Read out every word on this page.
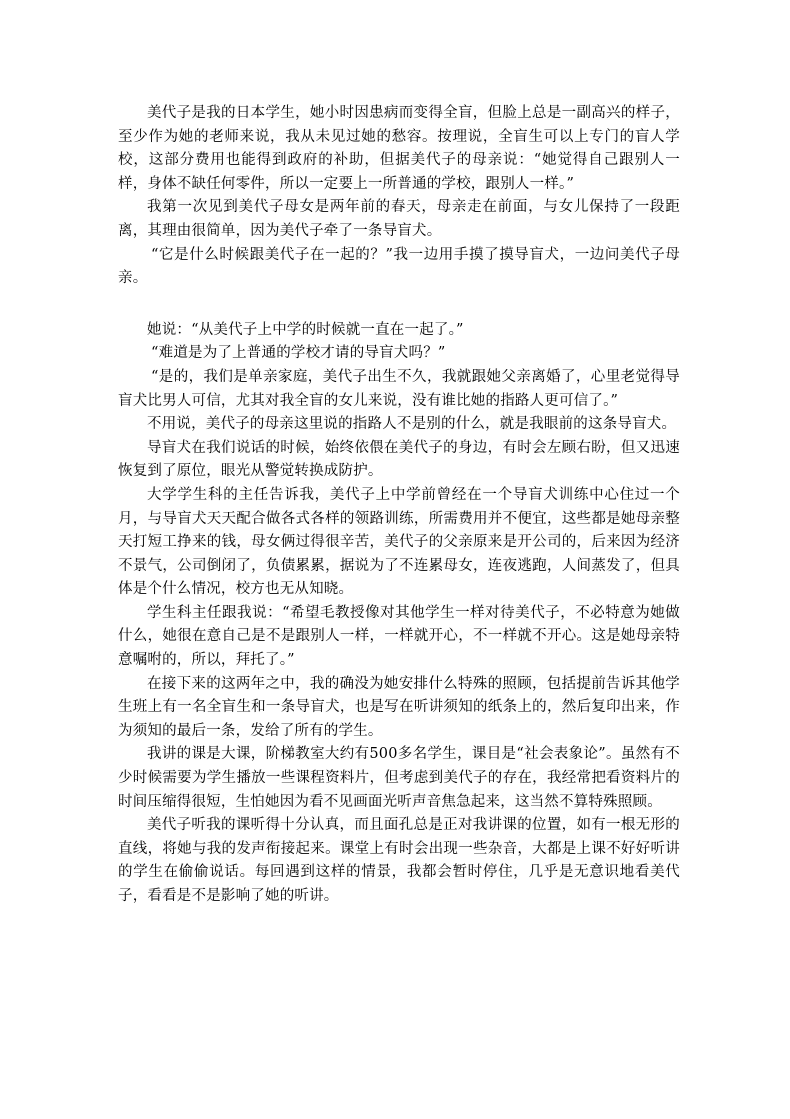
美代子是我的日本学生，她小时因患病而变得全盲，但脸上总是一副高兴的样子，至少作为她的老师来说，我从未见过她的愁容。按理说，全盲生可以上专门的盲人学校，这部分费用也能得到政府的补助，但据美代子的母亲说：“她觉得自己跟别人一样，身体不缺任何零件，所以一定要上一所普通的学校，跟别人一样。”

我第一次见到美代子母女是两年前的春天，母亲走在前面，与女儿保持了一段距离，其理由很简单，因为美代子牵了一条导盲犬。

“它是什么时候跟美代子在一起的？”我一边用手摸了摸导盲犬，一边问美代子母亲。

她说：“从美代子上中学的时候就一直在一起了。”

“难道是为了上普通的学校才请的导盲犬吗？”

“是的，我们是单亲家庭，美代子出生不久，我就跟她父亲离婚了，心里老觉得导盲犬比男人可信，尤其对我全盲的女儿来说，没有谁比她的指路人更可信了。”

不用说，美代子的母亲这里说的指路人不是别的什么，就是我眼前的这条导盲犬。

导盲犬在我们说话的时候，始终依偎在美代子的身边，有时会左顾右盼，但又迅速恢复到了原位，眼光从警觉转换成防护。

大学学生科的主任告诉我，美代子上中学前曾经在一个导盲犬训练中心住过一个月，与导盲犬天天配合做各式各样的领路训练，所需费用并不便宜，这些都是她母亲整天打短工挣来的钱，母女俩过得很辛苦，美代子的父亲原来是开公司的，后来因为经济不景气，公司倒闭了，负债累累，据说为了不连累母女，连夜逃跑，人间蒸发了，但具体是个什么情况，校方也无从知晓。

学生科主任跟我说：“希望毛教授像对其他学生一样对待美代子，不必特意为她做什么，她很在意自己是不是跟别人一样，一样就开心，不一样就不开心。这是她母亲特意嘱咐的，所以，拜托了。”

在接下来的这两年之中，我的确没为她安排什么特殊的照顾，包括提前告诉其他学生班上有一名全盲生和一条导盲犬，也是写在听讲须知的纸条上的，然后复印出来，作为须知的最后一条，发给了所有的学生。

我讲的课是大课，阶梯教室大约有500多名学生，课目是“社会表象论”。虽然有不少时候需要为学生播放一些课程资料片，但考虑到美代子的存在，我经常把看资料片的时间压缩得很短，生怕她因为看不见画面光听声音焦急起来，这当然不算特殊照顾。

美代子听我的课听得十分认真，而且面孔总是正对我讲课的位置，如有一根无形的直线，将她与我的发声衔接起来。课堂上有时会出现一些杂音，大都是上课不好好听讲的学生在偷偷说话。每回遇到这样的情景，我都会暂时停住，几乎是无意识地看美代子，看看是不是影响了她的听讲。
